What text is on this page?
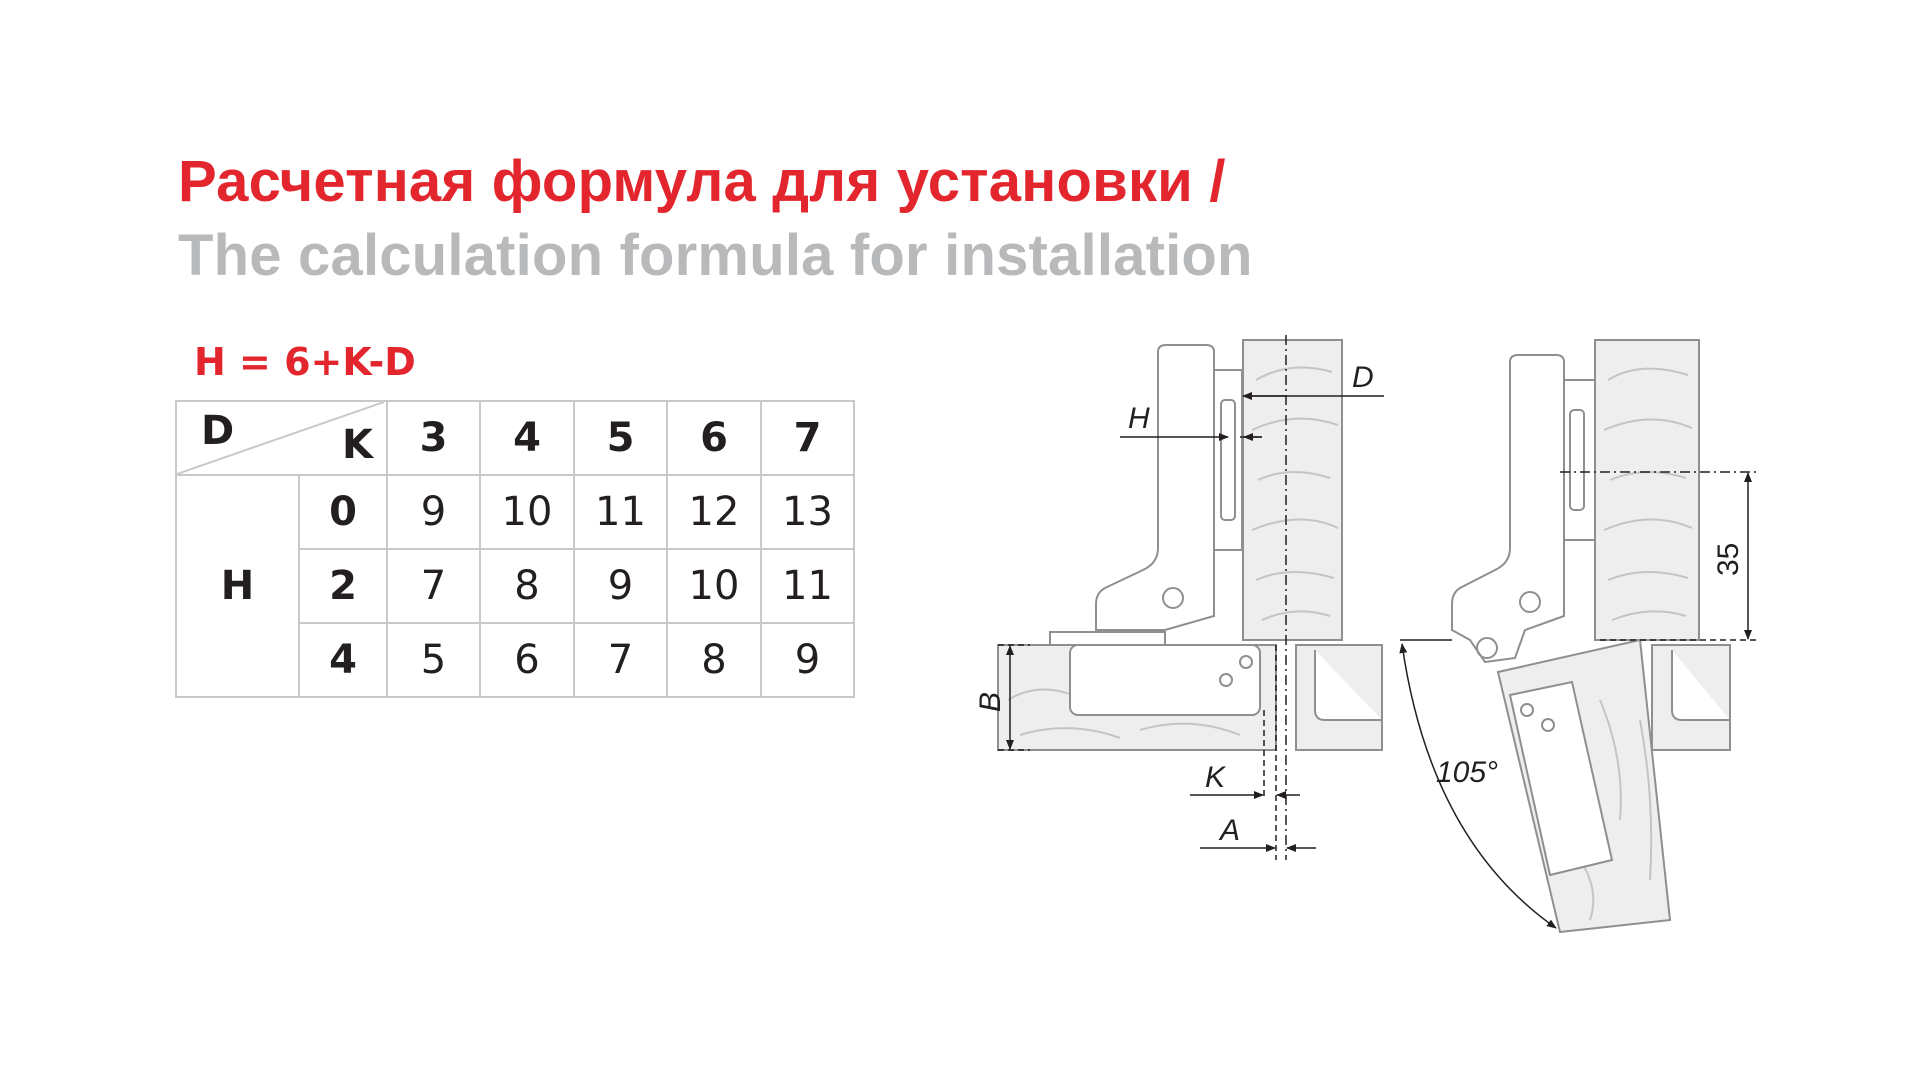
Расчетная формула для установки /
The calculation formula for installation
H = 6+K-D
D K		3	4	5	6	7
H	0	9	10	11	12	13
	2	7	8	9	10	11
	4	5	6	7	8	9
D
H
B
K
A
35
105°
